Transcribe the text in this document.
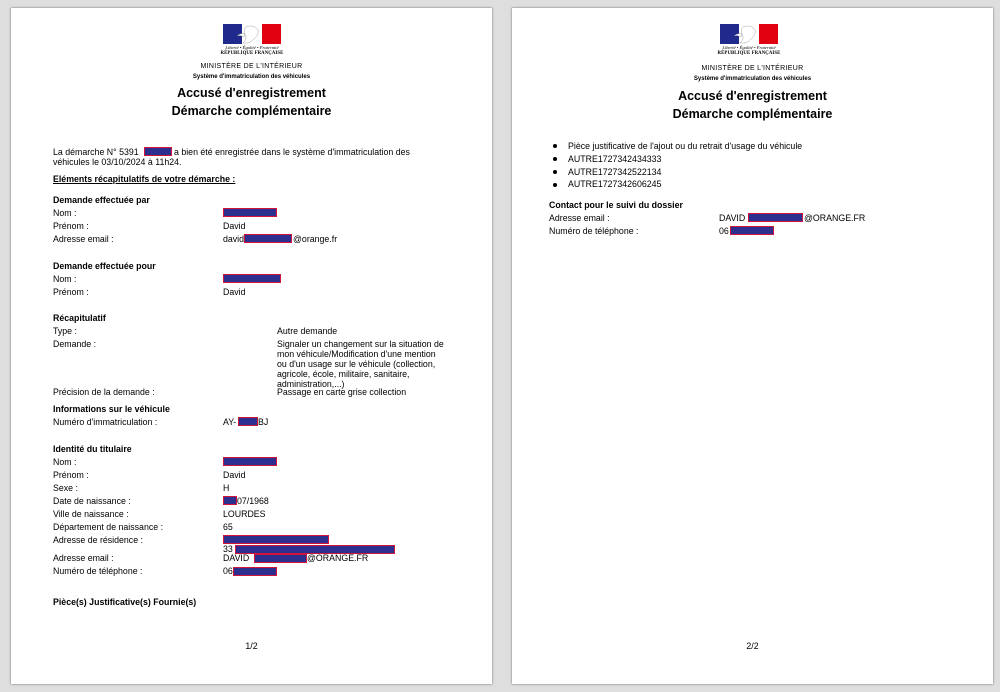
Liberté • Égalité • Fraternité
RÉPUBLIQUE FRANÇAISE
MINISTÈRE DE L'INTÉRIEUR
Système d'immatriculation des véhicules
Accusé d'enregistrement
Démarche complémentaire
La démarche N° 5391	a bien été enregistrée dans le système d'immatriculation des
véhicules le 03/10/2024 à 11h24.
Eléments récapitulatifs de votre démarche :
Demande effectuée par
Nom :
Prénom :	David
Adresse email :	david	@orange.fr
Demande effectuée pour
Nom :
Prénom :	David
Récapitulatif
Type :	Autre demande
Demande :	Signaler un changement sur la situation de
mon véhicule/Modification d'une mention
ou d'un usage sur le véhicule (collection,
agricole, école, militaire, sanitaire,
administration,...)
Précision de la demande :	Passage en carte grise collection
Informations sur le véhicule
Numéro d'immatriculation :	AY- BJ
Identité du titulaire
Nom :
Prénom :	David
Sexe :	H
Date de naissance :	07/1968
Ville de naissance :	LOURDES
Département de naissance :	65
Adresse de résidence :
33
Adresse email :	DAVID	@ORANGE.FR
Numéro de téléphone :	06
Pièce(s) Justificative(s) Fournie(s)
1/2
Liberté • Égalité • Fraternité
RÉPUBLIQUE FRANÇAISE
MINISTÈRE DE L'INTÉRIEUR
Système d'immatriculation des véhicules
Accusé d'enregistrement
Démarche complémentaire
Pièce justificative de l'ajout ou du retrait d'usage du véhicule
AUTRE1727342434333
AUTRE1727342522134
AUTRE1727342606245
Contact pour le suivi du dossier
Adresse email :	DAVID	@ORANGE.FR
Numéro de téléphone :	06
2/2
